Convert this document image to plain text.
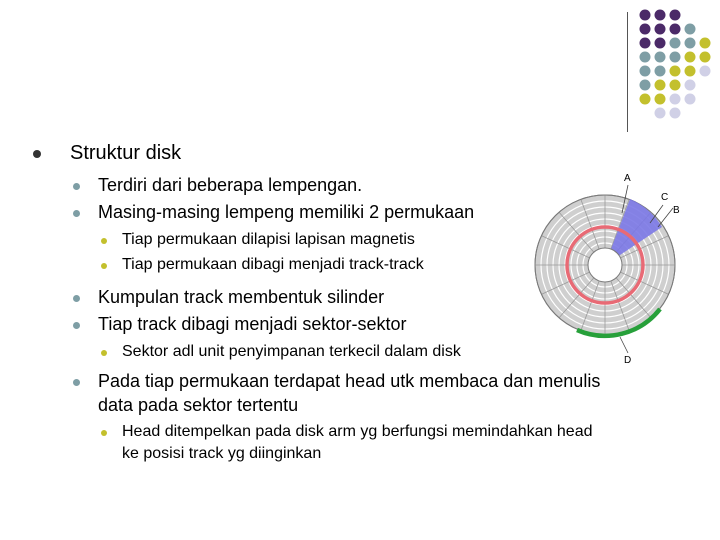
A
C
B
D
Struktur disk
Terdiri dari beberapa lempengan.
Masing-masing lempeng memiliki 2 permukaan
Tiap permukaan dilapisi lapisan magnetis
Tiap permukaan dibagi menjadi track-track
Kumpulan track membentuk silinder
Tiap track dibagi menjadi sektor-sektor
Sektor adl unit penyimpanan terkecil dalam disk
Pada tiap permukaan terdapat head utk membaca dan menulis
data pada sektor tertentu
Head ditempelkan pada disk arm yg berfungsi memindahkan head
ke posisi track yg diinginkan
